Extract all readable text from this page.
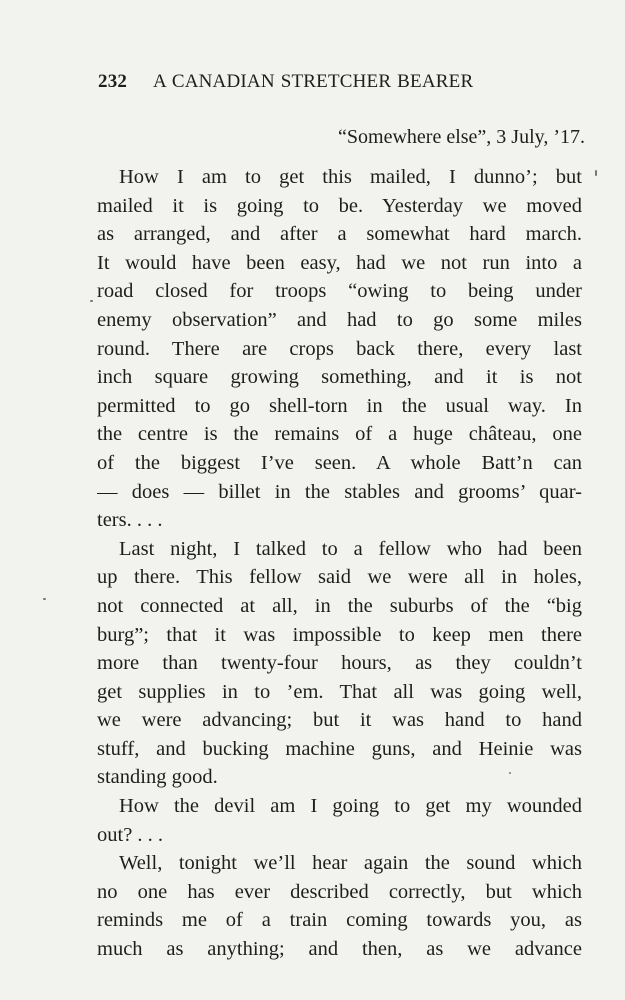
232 A CANADIAN STRETCHER BEARER
“Somewhere else”, 3 July, ’17.
How I am to get this mailed, I dunno’; but
mailed it is going to be. Yesterday we moved
as arranged, and after a somewhat hard march.
It would have been easy, had we not run into a
road closed for troops “owing to being under
enemy observation” and had to go some miles
round. There are crops back there, every last
inch square growing something, and it is not
permitted to go shell-torn in the usual way. In
the centre is the remains of a huge château, one
of the biggest I’ve seen. A whole Batt’n can
— does — billet in the stables and grooms’ quar-
ters. . . .
Last night, I talked to a fellow who had been
up there. This fellow said we were all in holes,
not connected at all, in the suburbs of the “big
burg”; that it was impossible to keep men there
more than twenty-four hours, as they couldn’t
get supplies in to ’em. That all was going well,
we were advancing; but it was hand to hand
stuff, and bucking machine guns, and Heinie was
standing good.
How the devil am I going to get my wounded
out? . . .
Well, tonight we’ll hear again the sound which
no one has ever described correctly, but which
reminds me of a train coming towards you, as
much as anything; and then, as we advance
